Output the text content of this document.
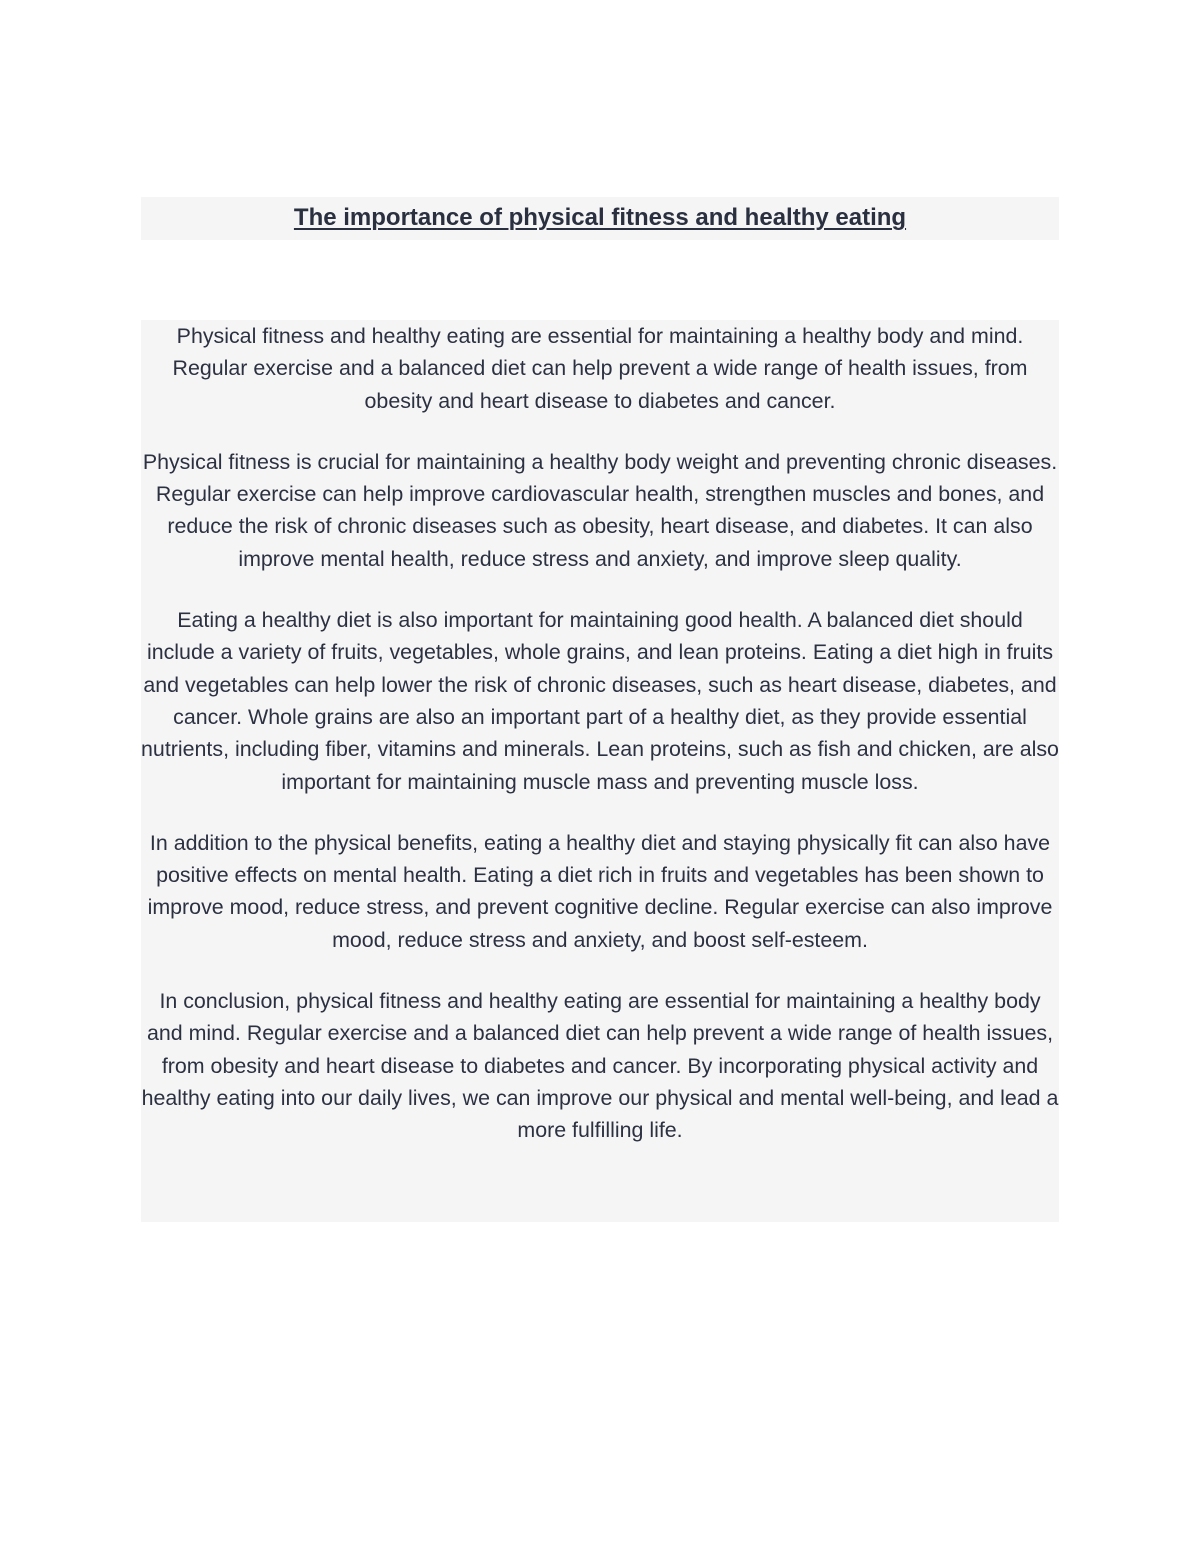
The importance of physical fitness and healthy eating

Physical fitness and healthy eating are essential for maintaining a healthy body and mind. Regular exercise and a balanced diet can help prevent a wide range of health issues, from obesity and heart disease to diabetes and cancer.

Physical fitness is crucial for maintaining a healthy body weight and preventing chronic diseases. Regular exercise can help improve cardiovascular health, strengthen muscles and bones, and reduce the risk of chronic diseases such as obesity, heart disease, and diabetes. It can also improve mental health, reduce stress and anxiety, and improve sleep quality.

Eating a healthy diet is also important for maintaining good health. A balanced diet should include a variety of fruits, vegetables, whole grains, and lean proteins. Eating a diet high in fruits and vegetables can help lower the risk of chronic diseases, such as heart disease, diabetes, and cancer. Whole grains are also an important part of a healthy diet, as they provide essential nutrients, including fiber, vitamins and minerals. Lean proteins, such as fish and chicken, are also important for maintaining muscle mass and preventing muscle loss.

In addition to the physical benefits, eating a healthy diet and staying physically fit can also have positive effects on mental health. Eating a diet rich in fruits and vegetables has been shown to improve mood, reduce stress, and prevent cognitive decline. Regular exercise can also improve mood, reduce stress and anxiety, and boost self-esteem.

In conclusion, physical fitness and healthy eating are essential for maintaining a healthy body and mind. Regular exercise and a balanced diet can help prevent a wide range of health issues, from obesity and heart disease to diabetes and cancer. By incorporating physical activity and healthy eating into our daily lives, we can improve our physical and mental well-being, and lead a more fulfilling life.
